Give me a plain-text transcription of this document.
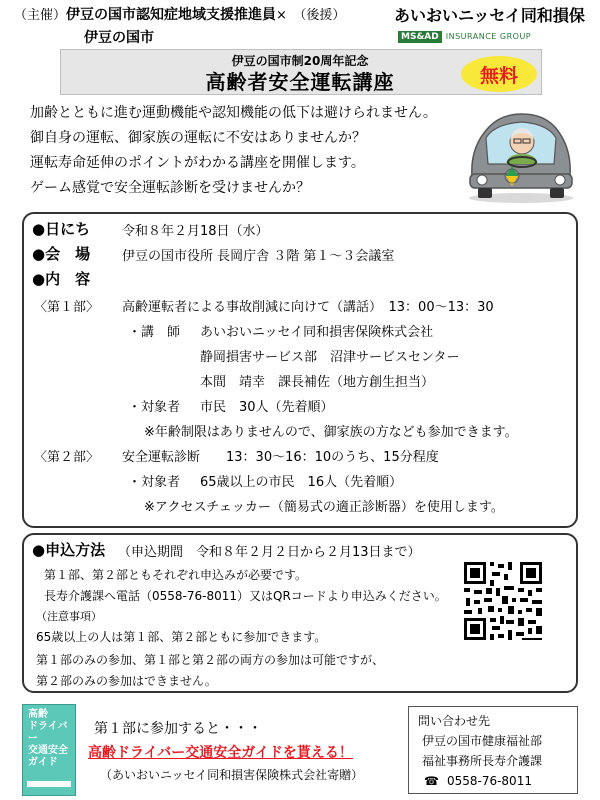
（主催）伊豆の国市認知症地域支援推進員×　（後援）	あいおいニッセイ同和損保
MS&AD INSURANCE GROUP
伊豆の国市
伊豆の国市制20周年記念
高齢者安全運転講座	無料
加齢とともに進む運動機能や認知機能の低下は避けられません。
御自身の運転、御家族の運転に不安はありませんか？
運転寿命延伸のポイントがわかる講座を開催します。
ゲーム感覚で安全運転診断を受けませんか？
●日にち 令和８年２月18日（水）
●会　場 伊豆の国市役所 長岡庁舎 ３階 第１～３会議室
●内　容
〈第１部〉 高齢運転者による事故削減に向けて（講話）　13：00～13：30
・講　師 あいおいニッセイ同和損害保険株式会社
静岡損害サービス部　沼津サービスセンター
本間　靖幸　課長補佐（地方創生担当）
・対象者 市民　30人（先着順）
※年齢制限はありませんので、御家族の方なども参加できます。
〈第２部〉 安全運転診断　　13：30～16：10のうち、15分程度
・対象者 65歳以上の市民　16人（先着順）
※アクセスチェッカー（簡易式の適正診断器）を使用します。
●申込方法 （申込期間　令和８年２月２日から２月13日まで）
第１部、第２部ともそれぞれ申込みが必要です。
長寿介護課へ電話（0558-76-8011）又はQRコードより申込みください。
（注意事項）
65歳以上の人は第１部、第２部ともに参加できます。
第１部のみの参加、第１部と第２部の両方の参加は可能ですが、
第２部のみの参加はできません。
高齢
ドライバー
交通安全
ガイド
第１部に参加すると・・・
高齢ドライバー交通安全ガイドを貰える！
（あいおいニッセイ同和損害保険株式会社寄贈）
問い合わせ先
伊豆の国市健康福祉部
福祉事務所長寿介護課
☎ 0558-76-8011
